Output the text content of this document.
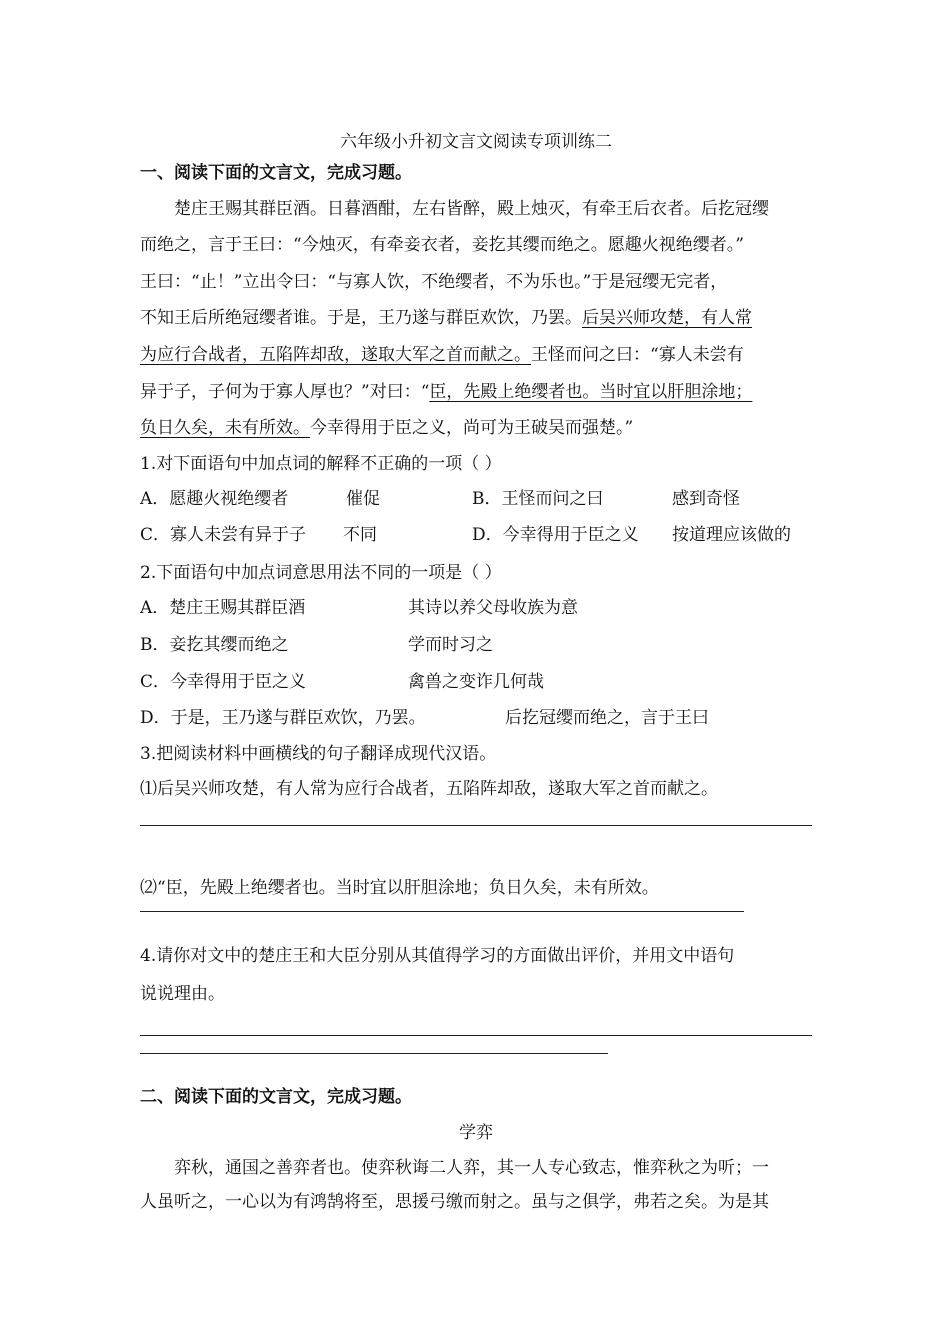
六年级小升初文言文阅读专项训练二
一、阅读下面的文言文，完成习题。
楚庄王赐其群臣酒。日暮酒酣，左右皆醉，殿上烛灭，有牵王后衣者。后扢冠缨
而绝之，言于王曰：“今烛灭，有牵妾衣者，妾扢其缨而绝之。愿趣火视绝缨者。”
王曰：“止！”立出令曰：“与寡人饮，不绝缨者，不为乐也。”于是冠缨无完者，
不知王后所绝冠缨者谁。于是，王乃遂与群臣欢饮，乃罢。后吴兴师攻楚，有人常
为应行合战者，五陷阵却敌，遂取大军之首而献之。王怪而问之曰：“寡人未尝有
异于子，子何为于寡人厚也？”对曰：“臣，先殿上绝缨者也。当时宜以肝胆涂地；
负日久矣，未有所效。今幸得用于臣之义，尚可为王破吴而强楚。”
1.对下面语句中加点词的解释不正确的一项（ ）
A．愿趣火视绝缨者	催促	B．王怪而问之曰	感到奇怪
C．寡人未尝有异于子	不同	D．今幸得用于臣之义	按道理应该做的
2.下面语句中加点词意思用法不同的一项是（ ）
A．楚庄王赐其群臣酒	其诗以养父母收族为意
B．妾扢其缨而绝之	学而时习之
C．今幸得用于臣之义	禽兽之变诈几何哉
D．于是，王乃遂与群臣欢饮，乃罢。	后扢冠缨而绝之，言于王曰
3.把阅读材料中画横线的句子翻译成现代汉语。
⑴后吴兴师攻楚，有人常为应行合战者，五陷阵却敌，遂取大军之首而献之。
⑵“臣，先殿上绝缨者也。当时宜以肝胆涂地；负日久矣，未有所效。
4.请你对文中的楚庄王和大臣分别从其值得学习的方面做出评价，并用文中语句
说说理由。
二、阅读下面的文言文，完成习题。
学弈
弈秋，通国之善弈者也。使弈秋诲二人弈，其一人专心致志，惟弈秋之为听；一
人虽听之，一心以为有鸿鹄将至，思援弓缴而射之。虽与之俱学，弗若之矣。为是其
